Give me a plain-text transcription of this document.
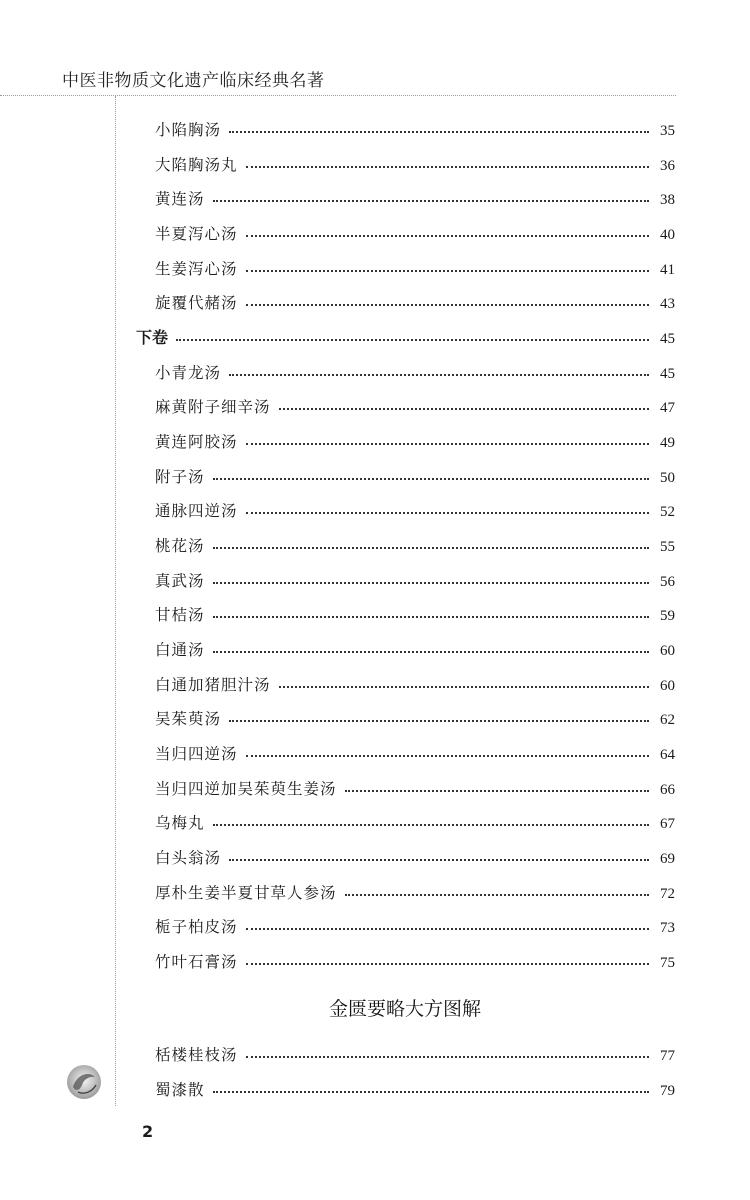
中医非物质文化遗产临床经典名著
小陷胸汤	35
大陷胸汤丸	36
黄连汤	38
半夏泻心汤	40
生姜泻心汤	41
旋覆代赭汤	43
下卷	45
小青龙汤	45
麻黄附子细辛汤	47
黄连阿胶汤	49
附子汤	50
通脉四逆汤	52
桃花汤	55
真武汤	56
甘桔汤	59
白通汤	60
白通加猪胆汁汤	60
吴茱萸汤	62
当归四逆汤	64
当归四逆加吴茱萸生姜汤	66
乌梅丸	67
白头翁汤	69
厚朴生姜半夏甘草人参汤	72
栀子柏皮汤	73
竹叶石膏汤	75
栝楼桂枝汤	77
蜀漆散	79
金匮要略大方图解
2
